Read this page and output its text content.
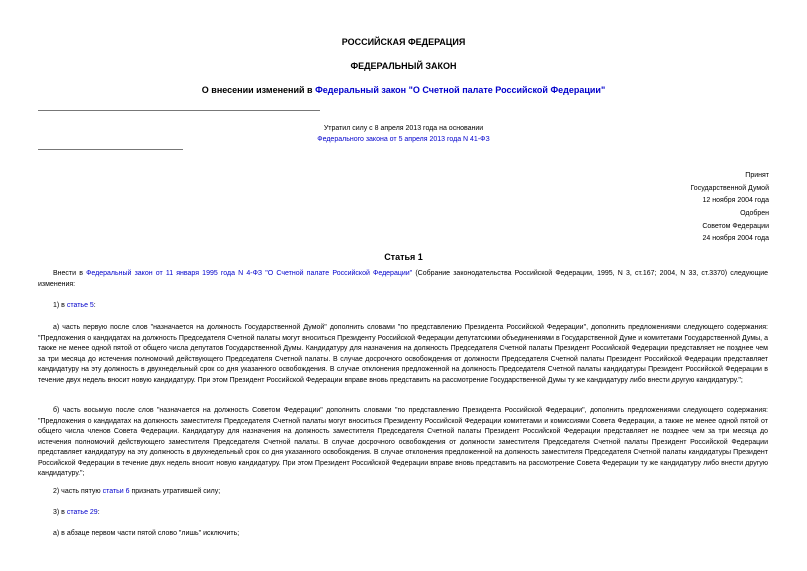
РОССИЙСКАЯ ФЕДЕРАЦИЯ
ФЕДЕРАЛЬНЫЙ ЗАКОН
О внесении изменений в Федеральный закон "О Счетной палате Российской Федерации"
Утратил силу с 8 апреля 2013 года на основании
Федерального закона от 5 апреля 2013 года N 41-ФЗ
Принят
Государственной Думой
12 ноября 2004 года
Одобрен
Советом Федерации
24 ноября 2004 года
Статья 1
Внести в Федеральный закон от 11 января 1995 года N 4-ФЗ "О Счетной палате Российской Федерации" (Собрание законодательства Российской Федерации, 1995, N 3, ст.167; 2004, N 33, ст.3370) следующие изменения:
1) в статье 5:
а) часть первую после слов "назначается на должность Государственной Думой" дополнить словами "по представлению Президента Российской Федерации", дополнить предложениями следующего содержания: "Предложения о кандидатах на должность Председателя Счетной палаты могут вноситься Президенту Российской Федерации депутатскими объединениями в Государственной Думе и комитетами Государственной Думы, а также не менее одной пятой от общего числа депутатов Государственной Думы. Кандидатуру для назначения на должность Председателя Счетной палаты Президент Российской Федерации представляет не позднее чем за три месяца до истечения полномочий действующего Председателя Счетной палаты. В случае досрочного освобождения от должности Председателя Счетной палаты Президент Российской Федерации представляет кандидатуру на эту должность в двухнедельный срок со дня указанного освобождения. В случае отклонения предложенной на должность Председателя Счетной палаты кандидатуры Президент Российской Федерации в течение двух недель вносит новую кандидатуру. При этом Президент Российской Федерации вправе вновь представить на рассмотрение Государственной Думы ту же кандидатуру либо внести другую кандидатуру.";
б) часть восьмую после слов "назначается на должность Советом Федерации" дополнить словами "по представлению Президента Российской Федерации", дополнить предложениями следующего содержания: "Предложения о кандидатах на должность заместителя Председателя Счетной палаты могут вноситься Президенту Российской Федерации комитетами и комиссиями Совета Федерации, а также не менее одной пятой от общего числа членов Совета Федерации. Кандидатуру для назначения на должность заместителя Председателя Счетной палаты Президент Российской Федерации представляет не позднее чем за три месяца до истечения полномочий действующего заместителя Председателя Счетной палаты. В случае досрочного освобождения от должности заместителя Председателя Счетной палаты Президент Российской Федерации представляет кандидатуру на эту должность в двухнедельный срок со дня указанного освобождения. В случае отклонения предложенной на должность заместителя Председателя Счетной палаты кандидатуры Президент Российской Федерации в течение двух недель вносит новую кандидатуру. При этом Президент Российской Федерации вправе вновь представить на рассмотрение Совета Федерации ту же кандидатуру либо внести другую кандидатуру.";
2) часть пятую статьи 6 признать утратившей силу;
3) в статье 29:
а) в абзаце первом части пятой слово "лишь" исключить;
